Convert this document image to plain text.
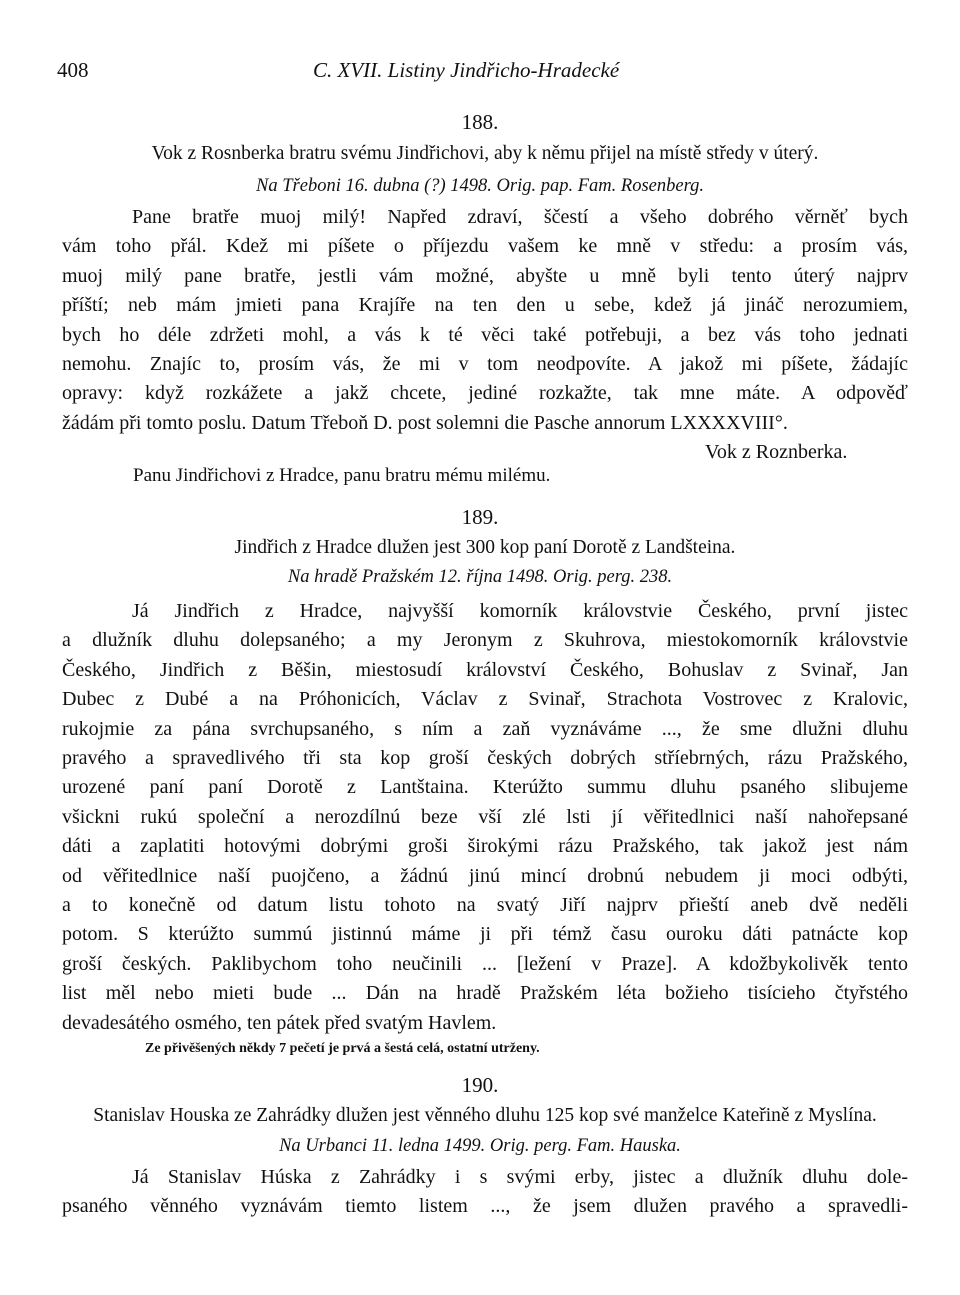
408	C. XVII. Listiny Jindřicho-Hradecké
188.
Vok z Rosnberka bratru svému Jindřichovi, aby k němu přijel na místě středy v úterý.
Na Třeboni 16. dubna (?) 1498. Orig. pap. Fam. Rosenberg.
Pane bratře muoj milý! Napřed zdraví, ščestí a všeho dobrého věrněť bych
vám toho přál. Kdež mi píšete o příjezdu vašem ke mně v středu: a prosím vás,
muoj milý pane bratře, jestli vám možné, abyšte u mně byli tento úterý najprv
příští; neb mám jmieti pana Krajíře na ten den u sebe, kdež já jináč nerozumiem,
bych ho déle zdržeti mohl, a vás k té věci také potřebuji, a bez vás toho jednati
nemohu. Znajíc to, prosím vás, že mi v tom neodpovíte. A jakož mi píšete, žádajíc
opravy: když rozkážete a jakž chcete, jediné rozkažte, tak mne máte. A odpověď
žádám při tomto poslu. Datum Třeboň D. post solemni die Pasche annorum LXXXXVIII°.
Vok z Roznberka.
Panu Jindřichovi z Hradce, panu bratru mému milému.
189.
Jindřich z Hradce dlužen jest 300 kop paní Dorotě z Landšteina.
Na hradě Pražském 12. října 1498. Orig. perg. 238.
Já Jindřich z Hradce, najvyšší komorník královstvie Českého, první jistec
a dlužník dluhu dolepsaného; a my Jeronym z Skuhrova, miestokomorník královstvie
Českého, Jindřich z Běšin, miestosudí království Českého, Bohuslav z Svinař, Jan
Dubec z Dubé a na Próhonicích, Václav z Svinař, Strachota Vostrovec z Kralovic,
rukojmie za pána svrchupsaného, s ním a zaň vyznáváme ..., že sme dlužni dluhu
pravého a spravedlivého tři sta kop groší českých dobrých stříebrných, rázu Pražského,
urozené paní paní Dorotě z Lantštaina. Kterúžto summu dluhu psaného slibujeme
všickni rukú společní a nerozdílnú beze vší zlé lsti jí věřitedlnici naší nahořepsané
dáti a zaplatiti hotovými dobrými groši širokými rázu Pražského, tak jakož jest nám
od věřitedlnice naší puojčeno, a žádnú jinú mincí drobnú nebudem ji moci odbýti,
a to konečně od datum listu tohoto na svatý Jiří najprv přieští aneb dvě neděli
potom. S kterúžto summú jistinnú máme ji při témž času ouroku dáti patnácte kop
groší českých. Paklibychom toho neučinili ... [ležení v Praze]. A kdožbykolivěk tento
list měl nebo mieti bude ... Dán na hradě Pražském léta božieho tisícieho čtyřstého
devadesátého osmého, ten pátek před svatým Havlem.
Ze přivěšených někdy 7 pečetí je prvá a šestá celá, ostatní utrženy.
190.
Stanislav Houska ze Zahrádky dlužen jest věnného dluhu 125 kop své manželce Kateřině z Myslína.
Na Urbanci 11. ledna 1499. Orig. perg. Fam. Hauska.
Já Stanislav Húska z Zahrádky i s svými erby, jistec a dlužník dluhu dole-
psaného věnného vyznávám tiemto listem ..., že jsem dlužen pravého a spravedli-
